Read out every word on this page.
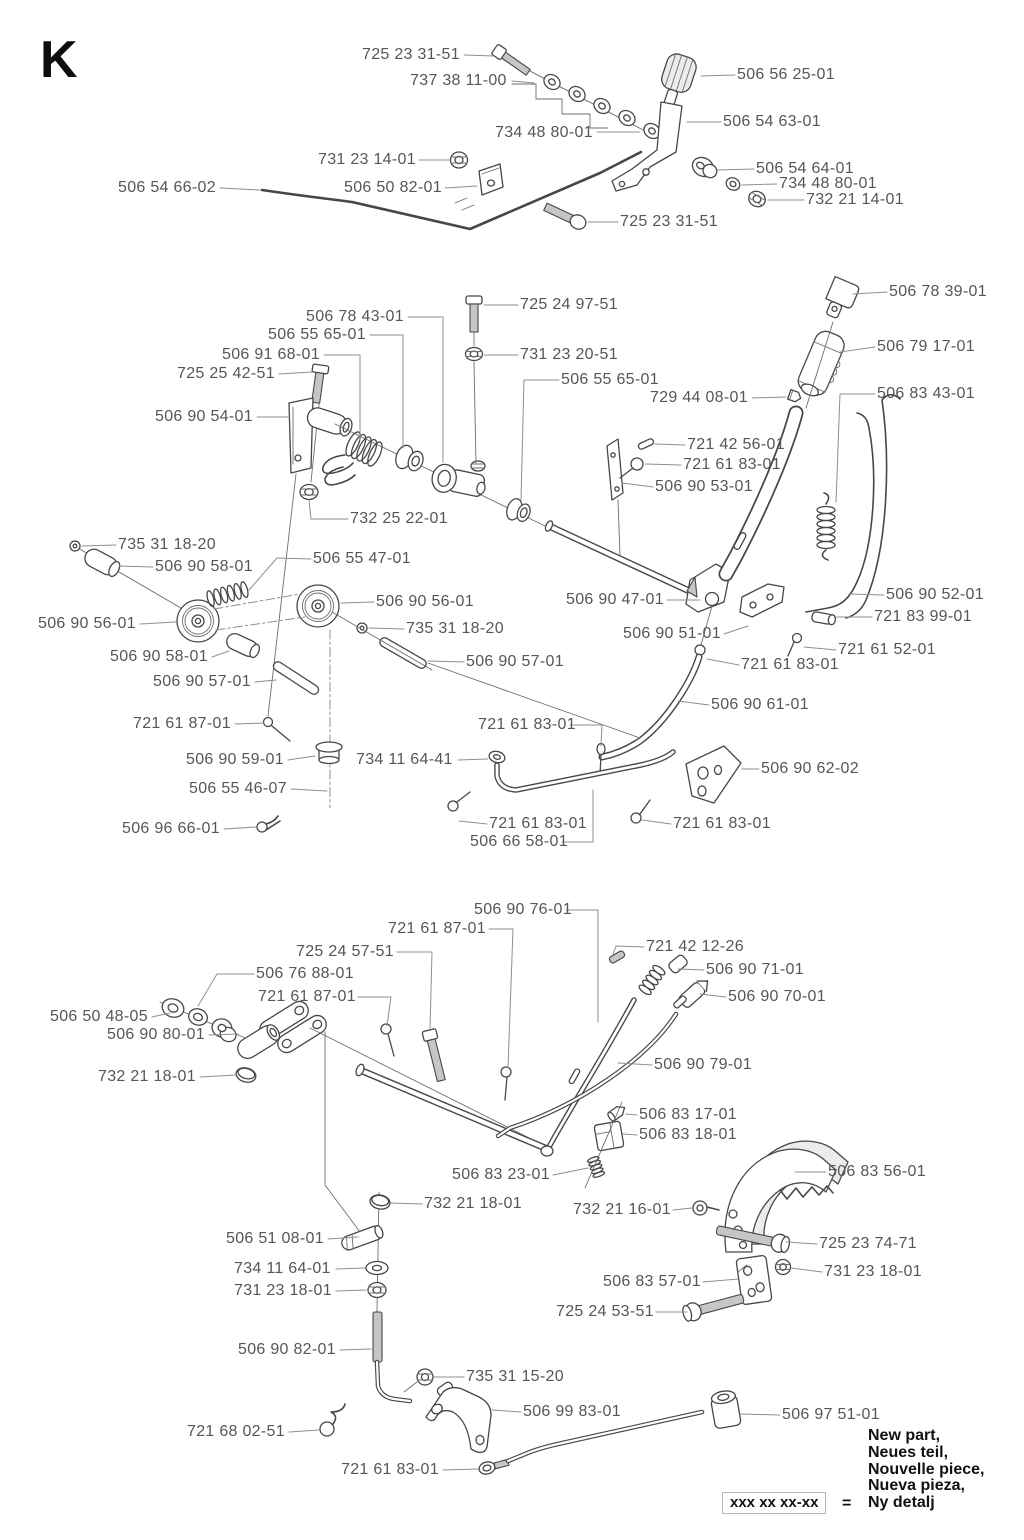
K	725 23 31-51
737 38 11-00	506 56 25-01
506 54 63-01
734 48 80-01
731 23 14-01
506 54 66-02	506 50 82-01
506 54 64-01
734 48 80-01
732 21 14-01
725 23 31-51
506 78 43-01
506 55 65-01
506 91 68-01
725 25 42-51
506 90 54-01
725 24 97-51
731 23 20-51
506 55 65-01
729 44 08-01
506 78 39-01
506 79 17-01
506 83 43-01
721 42 56-01
721 61 83-01
506 90 53-01
732 25 22-01
735 31 18-20
506 90 58-01	506 55 47-01
506 90 56-01
506 90 56-01	735 31 18-20
506 90 58-01
506 90 57-01
506 90 57-01
506 90 47-01	506 90 52-01
721 83 99-01
721 61 52-01
506 90 51-01
721 61 83-01
506 90 61-01
721 61 87-01
506 90 59-01	734 11 64-41
506 55 46-07
506 96 66-01
721 61 83-01
506 90 62-02
721 61 83-01
506 66 58-01
721 61 83-01
506 90 76-01
721 61 87-01
725 24 57-51
506 76 88-01
721 61 87-01
506 50 48-05
506 90 80-01
732 21 18-01
721 42 12-26
506 90 71-01
506 90 70-01
506 90 79-01
506 83 17-01
506 83 18-01
506 83 23-01
732 21 18-01	732 21 16-01
506 83 56-01
725 23 74-71
506 51 08-01
734 11 64-01
731 23 18-01
506 83 57-01
731 23 18-01
725 24 53-51
506 90 82-01
735 31 15-20
506 99 83-01
721 68 02-51
721 61 83-01
506 97 51-01
xxx xx xx-xx	=
New part,
Neues teil,
Nouvelle piece,
Nueva pieza,
Ny detalj
